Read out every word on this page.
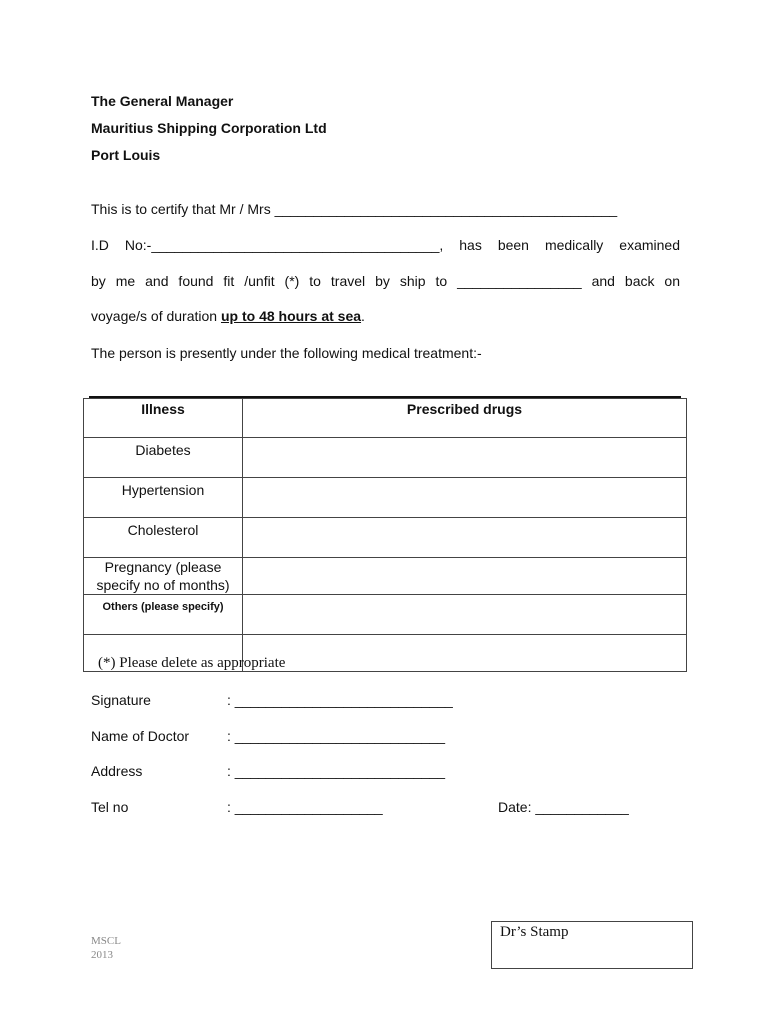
The General Manager
Mauritius Shipping Corporation Ltd
Port Louis
This is to certify that Mr / Mrs ____________________________________________
I.D No:-_____________________________________, has been medically examined
by me and found fit /unfit (*) to travel by ship to ________________ and back on
voyage/s of duration up to 48 hours at sea.
The person is presently under the following medical treatment:-
Illness	Prescribed drugs
Diabetes	
Hypertension	
Cholesterol	
Pregnancy (please specify no of months)	
Others (please specify)	

(*) Please delete as appropriate
Signature	: ____________________________
Name of Doctor	: ___________________________
Address	: ___________________________
Tel no	: ___________________	Date: ____________
MSCL
2013
Dr’s Stamp
